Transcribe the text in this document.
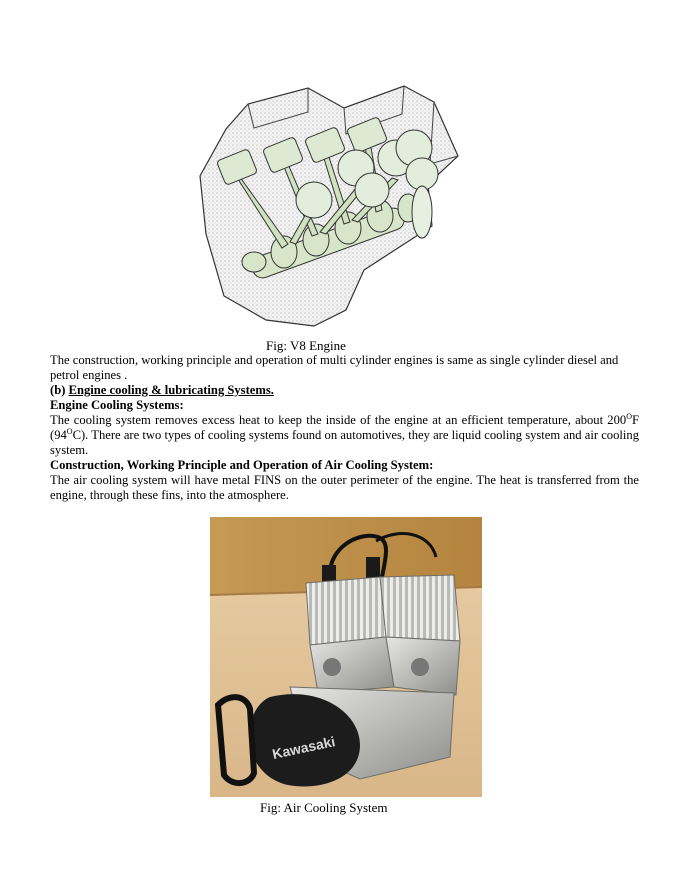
Fig: V8 Engine

The construction, working principle and operation of multi cylinder engines is same as single cylinder diesel and petrol engines .

(b) Engine cooling & lubricating Systems.

Engine Cooling Systems:

The cooling system removes excess heat to keep the inside of the engine at an efficient temperature, about $200^OF$ $(94^OC)$. There are two types of cooling systems found on automotives, they are liquid cooling system and air cooling system.

Construction, Working Principle and Operation of Air Cooling System:

The air cooling system will have metal FINS on the outer perimeter of the engine. The heat is transferred from the engine, through these fins, into the atmosphere.

Kawasaki
Fig: Air Cooling System
